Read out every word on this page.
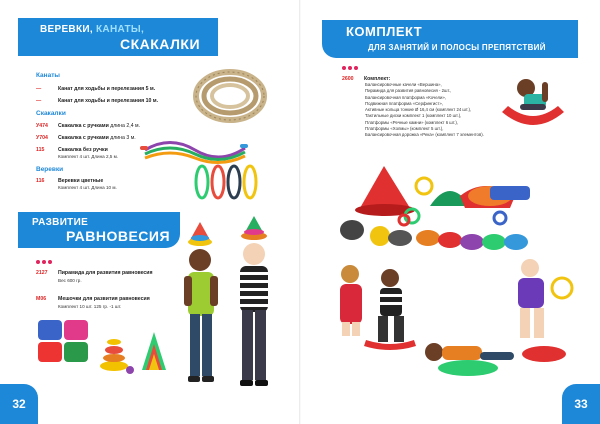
ВЕРЕВКИ, КАНАТЫ,
СКАКАЛКИ
Канаты
—	Канат для ходьбы и перелезания 5 м.
—	Канат для ходьбы и перелезания 10 м.
Скакалки
У474 Скакалка с ручками длина 2,4 м.
У704 Скакалка с ручками длина 3 м.
115	Скакалка без ручки
Комплект 4 шт. Длина 2,5 м.
Веревки
116	Веревки цветные
Комплект 4 шт. Длина 10 м.
РАЗВИТИЕ
РАВНОВЕСИЯ
2127 Пирамида для развития равновесия
Вес 600 гр.
М06 Мешочки для развития равновесия
Комплект 10 шт. 125 гр. -1 шт.
32
КОМПЛЕКТ
ДЛЯ ЗАНЯТИЙ И ПОЛОСЫ ПРЕПЯТСТВИЙ
2600 Комплект:
Балансировочные качели «Вершина»,
Пирамида для развития равновесия - 2шт.,
Балансировочная платформа «Кочели»,
Подвижная платформа «Серфингист»,
Активные кольца тонкие Ø 16,4 см (комплект 24 шт.),
Тактильные диски комплект 1 (комплект 10 шт.),
Платформы «Речные камни» (комплект 6 шт.),
Платформы «Холмы» (комплект 5 шт.),
Балансировочная дорожка «Река» (комплект 7 элементов).
33
